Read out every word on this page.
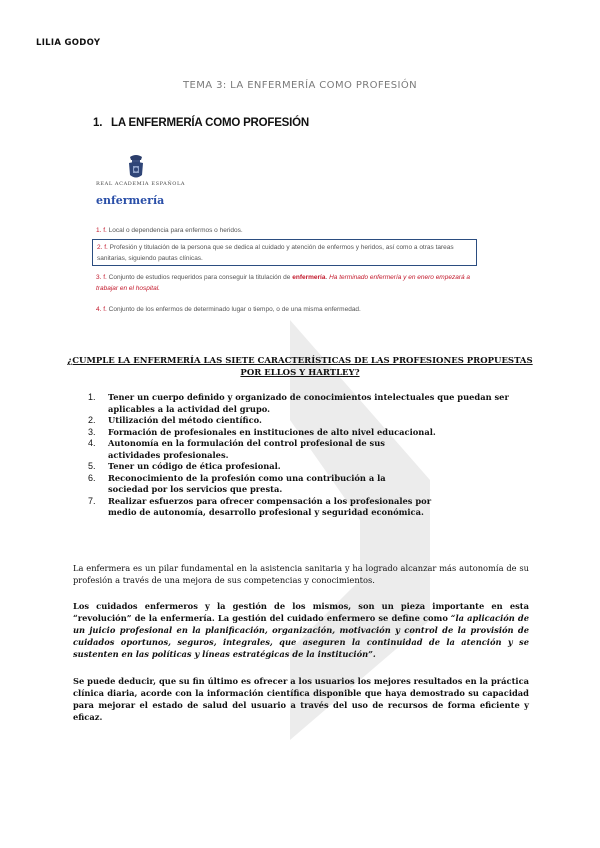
LILIA GODOY
TEMA 3: LA ENFERMERÍA COMO PROFESIÓN
1. LA ENFERMERÍA COMO PROFESIÓN
REAL ACADEMIA ESPAÑOLA
enfermería
1. f. Local o dependencia para enfermos o heridos.
2. f. Profesión y titulación de la persona que se dedica al cuidado y atención de enfermos y heridos, así como a otras tareas sanitarias, siguiendo pautas clínicas.
3. f. Conjunto de estudios requeridos para conseguir la titulación de enfermería. Ha terminado enfermería y en enero empezará a trabajar en el hospital.
4. f. Conjunto de los enfermos de determinado lugar o tiempo, o de una misma enfermedad.
¿CUMPLE LA ENFERMERÍA LAS SIETE CARACTERÍSTICAS DE LAS PROFESIONES PROPUESTAS POR ELLOS Y HARTLEY?
1. Tener un cuerpo definido y organizado de conocimientos intelectuales que puedan ser aplicables a la actividad del grupo.
2. Utilización del método científico.
3. Formación de profesionales en instituciones de alto nivel educacional.
4. Autonomía en la formulación del control profesional de sus actividades profesionales.
5. Tener un código de ética profesional.
6. Reconocimiento de la profesión como una contribución a la sociedad por los servicios que presta.
7. Realizar esfuerzos para ofrecer compensación a los profesionales por medio de autonomía, desarrollo profesional y seguridad económica.
La enfermera es un pilar fundamental en la asistencia sanitaria y ha logrado alcanzar más autonomía de su profesión a través de una mejora de sus competencias y conocimientos.
Los cuidados enfermeros y la gestión de los mismos, son un pieza importante en esta “revolución” de la enfermería. La gestión del cuidado enfermero se define como “la aplicación de un juicio profesional en la planificación, organización, motivación y control de la provisión de cuidados oportunos, seguros, integrales, que aseguren la continuidad de la atención y se sustenten en las políticas y líneas estratégicas de la institución”.
Se puede deducir, que su fin último es ofrecer a los usuarios los mejores resultados en la práctica clínica diaria, acorde con la información científica disponible que haya demostrado su capacidad para mejorar el estado de salud del usuario a través del uso de recursos de forma eficiente y eficaz.
